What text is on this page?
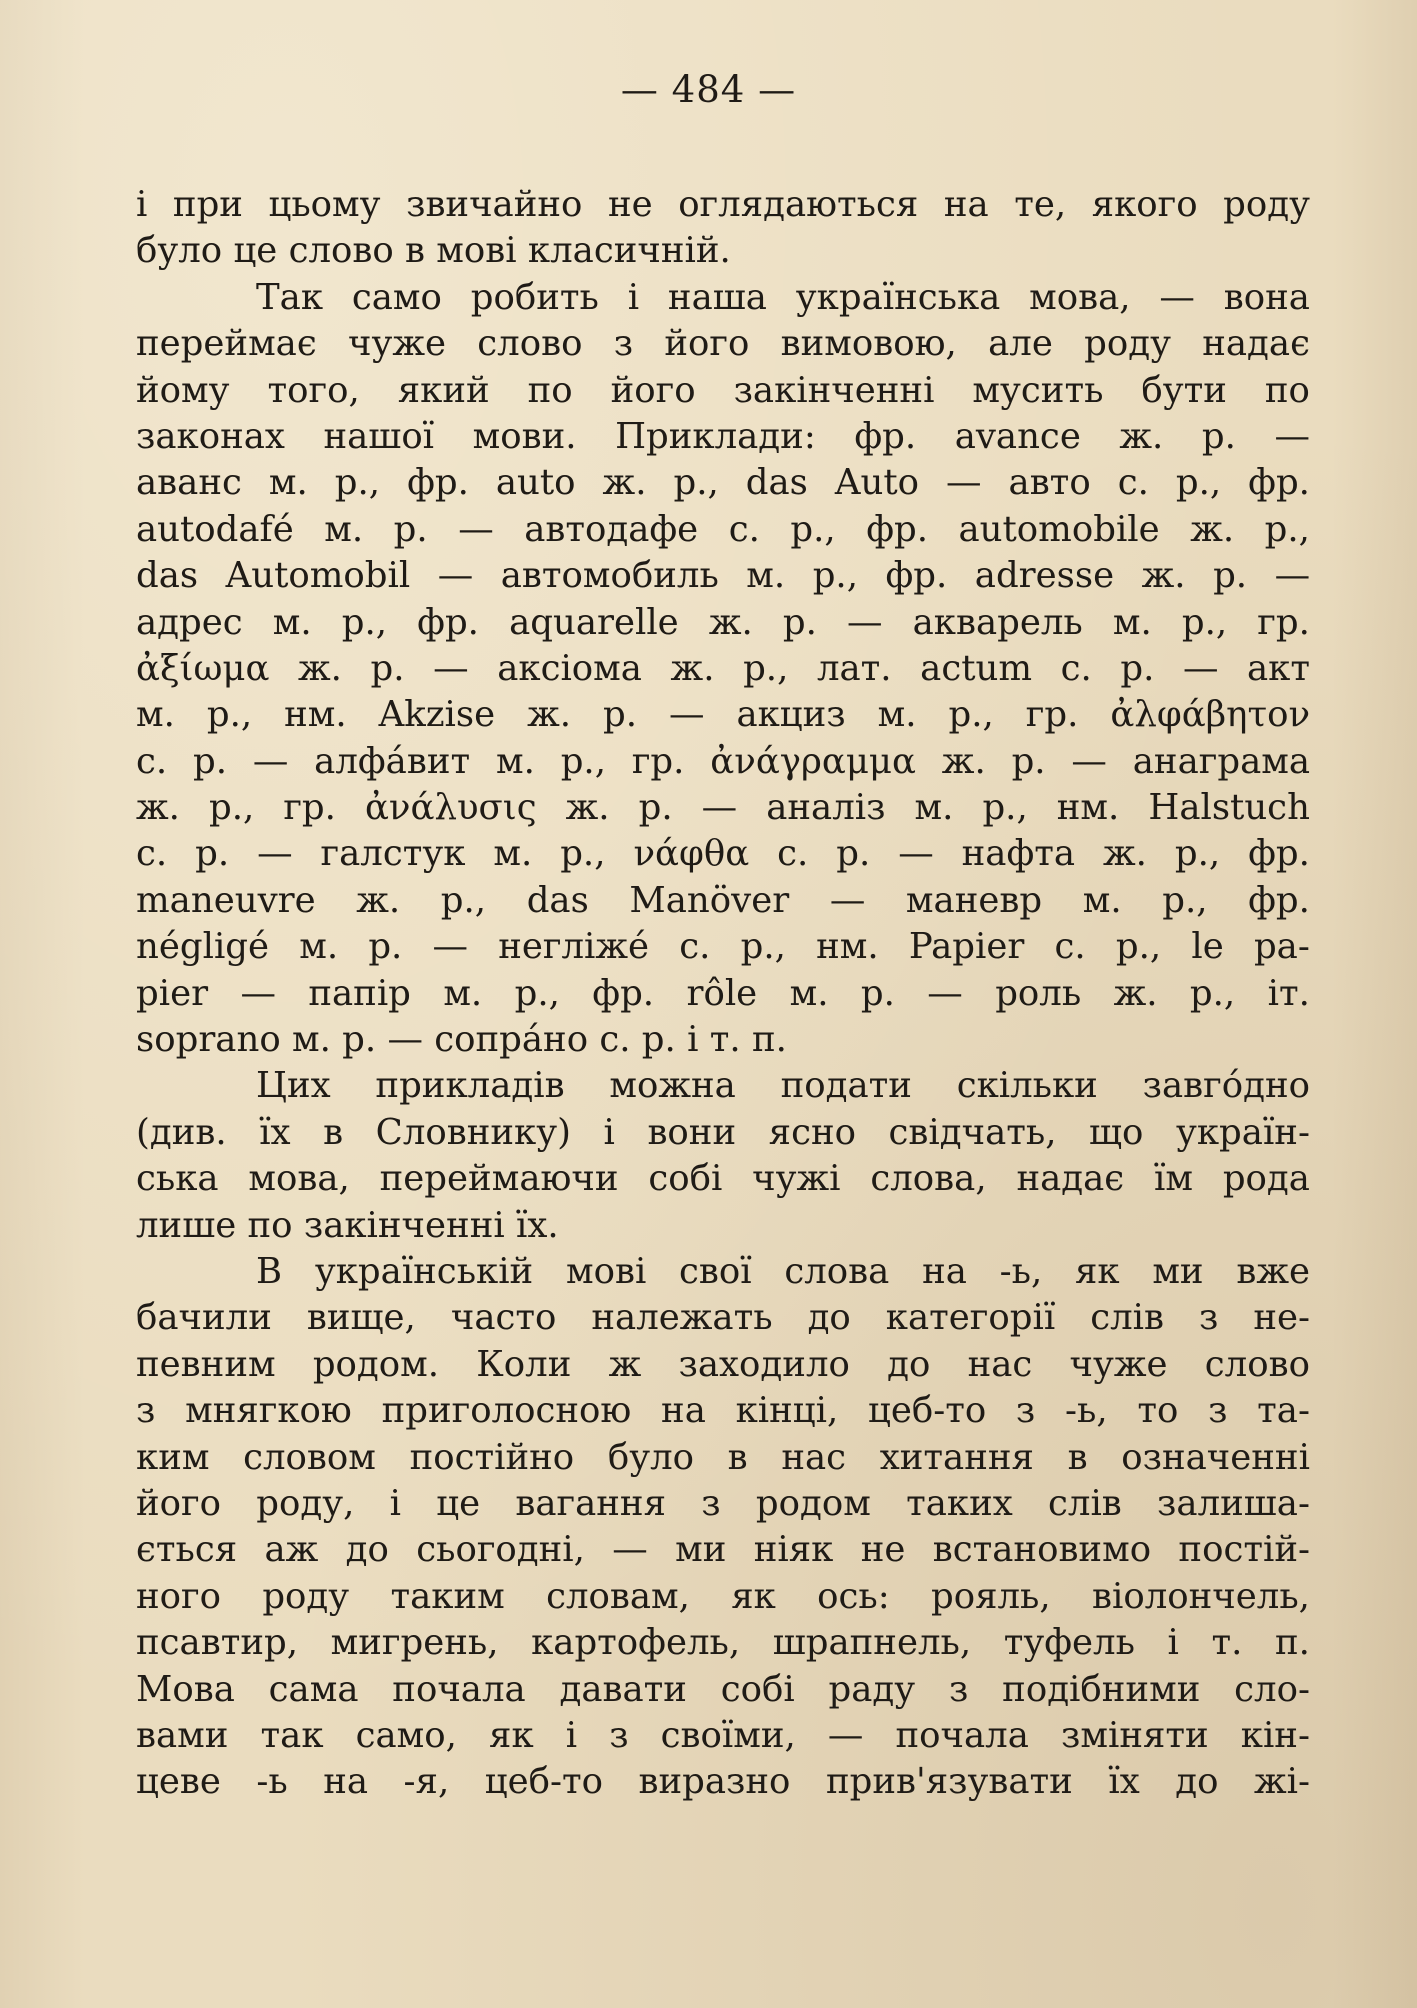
— 484 —
і при цьому звичайно не оглядаються на те, якого роду
було це слово в мові класичній.
Так само робить і наша українська мова, — вона
переймає чуже слово з його вимовою, але роду надає
йому того, який по його закінченні мусить бути по
законах нашої мови. Приклади: фр. avance ж. р. —
аванс м. р., фр. auto ж. р., das Auto — авто с. р., фр.
autodafé м. р. — автодафе с. р., фр. automobile ж. р.,
das Automobil — автомобиль м. р., фр. adresse ж. р. —
адрес м. р., фр. aquarelle ж. р. — акварель м. р., гр.
ἀξίωμα ж. р. — аксіома ж. р., лат. actum с. р. — акт
м. р., нм. Akzise ж. р. — акциз м. р., гр. ἀλφάβητον
с. р. — алфа́вит м. р., гр. ἀνάγραμμα ж. р. — анаграма
ж. р., гр. ἀνάλυσις ж. р. — аналіз м. р., нм. Halstuch
с. р. — галстук м. р., νάφθα с. р. — нафта ж. р., фр.
maneuvre ж. р., das Manöver — маневр м. р., фр.
négligé м. р. — негліжé с. р., нм. Papier с. р., le pa-
pier — папір м. р., фр. rôle м. р. — роль ж. р., іт.
soprano м. р. — сопра́но с. р. і т. п.
Цих прикладів можна подати скільки завго́дно
(див. їх в Словнику) і вони ясно свідчать, що україн-
ська мова, переймаючи собі чужі слова, надає їм рода
лише по закінченні їх.
В українській мові свої слова на -ь, як ми вже
бачили вище, часто належать до категорії слів з не-
певним родом. Коли ж заходило до нас чуже слово
з мнягкою приголосною на кінці, цеб-то з -ь, то з та-
ким словом постійно було в нас хитання в означенні
його роду, і це вагання з родом таких слів залиша-
ється аж до сьогодні, — ми ніяк не встановимо постій-
ного роду таким словам, як ось: рояль, віолончель,
псавтир, мигрень, картофель, шрапнель, туфель і т. п.
Мова сама почала давати собі раду з подібними сло-
вами так само, як і з своїми, — почала зміняти кін-
цеве -ь на -я, цеб-то виразно прив'язувати їх до жі-
